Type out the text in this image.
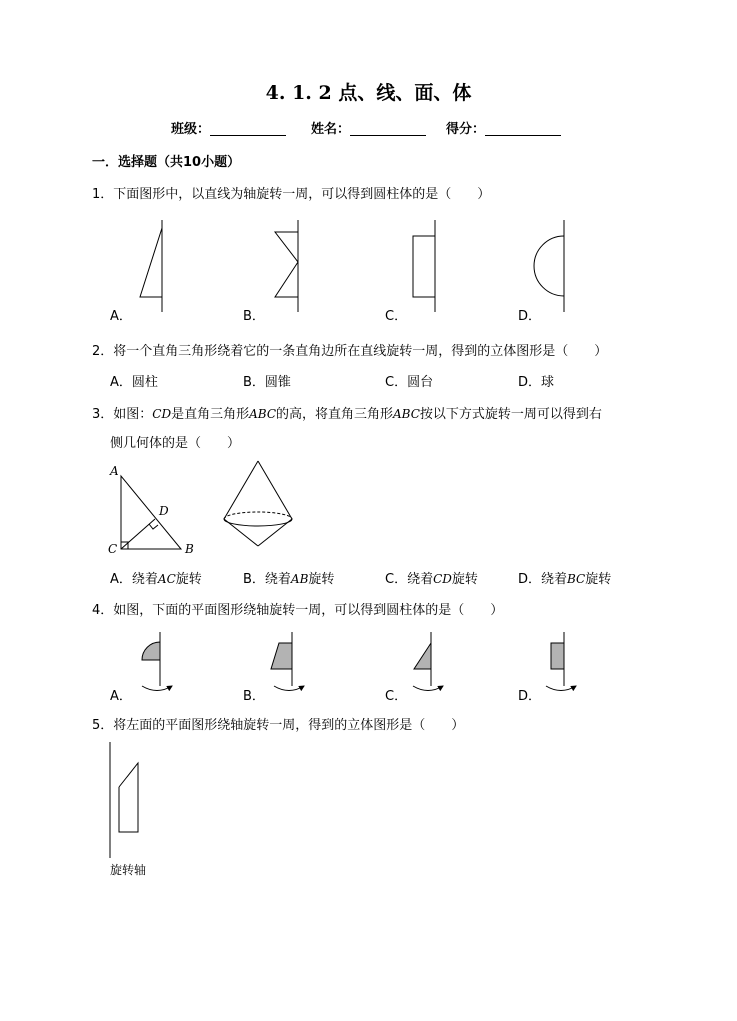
4. 1. 2 点、线、面、体
班级：	姓名：	得分：
一．选择题（共10小题）
1．下面图形中，以直线为轴旋转一周，可以得到圆柱体的是（　　）
A．	B．	C．	D．
2．将一个直角三角形绕着它的一条直角边所在直线旋转一周，得到的立体图形是（　　）
A．圆柱	B．圆锥	C．圆台	D．球
3．如图：CD是直角三角形ABC的高，将直角三角形ABC按以下方式旋转一周可以得到右
侧几何体的是（　　）
A
D
C	B
A．绕着AC旋转	B．绕着AB旋转	C．绕着CD旋转	D．绕着BC旋转
4．如图，下面的平面图形绕轴旋转一周，可以得到圆柱体的是（　　）
A．	B．	C．	D．
5．将左面的平面图形绕轴旋转一周，得到的立体图形是（　　）
旋转轴
